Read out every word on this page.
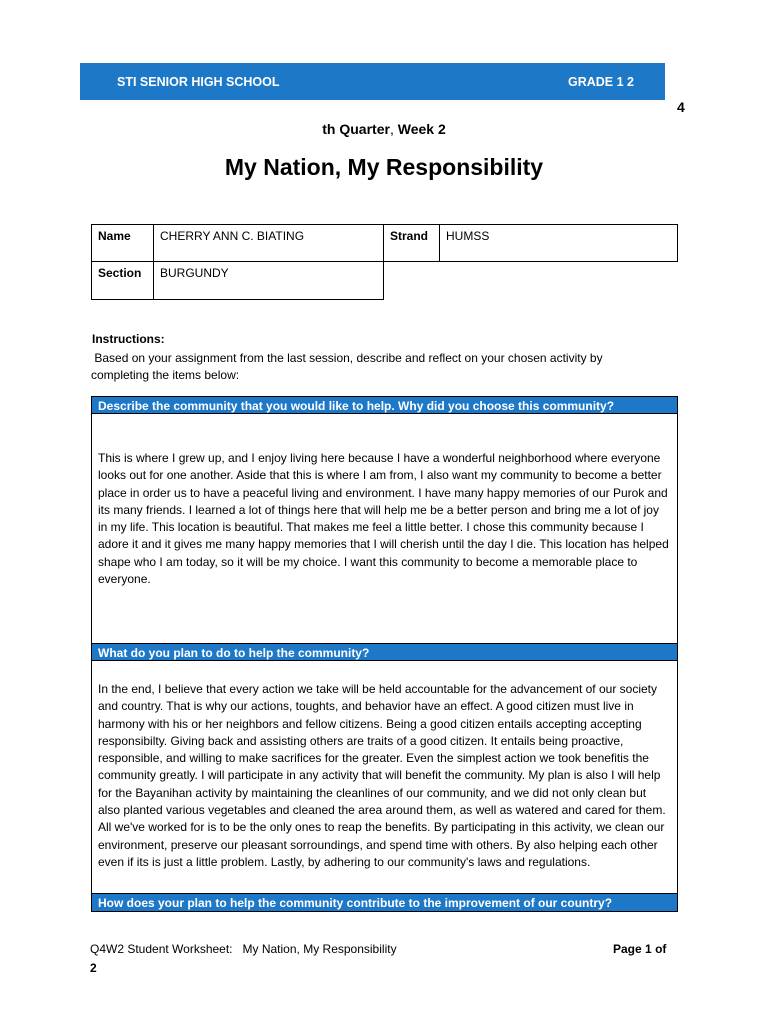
STI SENIOR HIGH SCHOOL	GRADE 1 2
4
th Quarter, Week 2
My Nation, My Responsibility
Name	CHERRY ANN C. BIATING	Strand	HUMSS
Section	BURGUNDY
Instructions:
Based on your assignment from the last session, describe and reflect on your chosen activity by completing the items below:
Describe the community that you would like to help. Why did you choose this community?
This is where I grew up, and I enjoy living here because I have a wonderful neighborhood where everyone looks out for one another. Aside that this is where I am from, I also want my community to become a better place in order us to have a peaceful living and environment. I have many happy memories of our Purok and its many friends. I learned a lot of things here that will help me be a better person and bring me a lot of joy in my life. This location is beautiful. That makes me feel a little better. I chose this community because I adore it and it gives me many happy memories that I will cherish until the day I die. This location has helped shape who I am today, so it will be my choice. I want this community to become a memorable place to everyone.
What do you plan to do to help the community?
In the end, I believe that every action we take will be held accountable for the advancement of our society and country. That is why our actions, toughts, and behavior have an effect. A good citizen must live in harmony with his or her neighbors and fellow citizens. Being a good citizen entails accepting accepting responsibilty. Giving back and assisting others are traits of a good citizen. It entails being proactive, responsible, and willing to make sacrifices for the greater. Even the simplest action we took benefitis the community greatly. I will participate in any activity that will benefit the community. My plan is also I will help for the Bayanihan activity by maintaining the cleanlines of our community, and we did not only clean but also planted various vegetables and cleaned the area around them, as well as watered and cared for them. All we've worked for is to be the only ones to reap the benefits. By participating in this activity, we clean our environment, preserve our pleasant sorroundings, and spend time with others. By also helping each other even if its is just a little problem. Lastly, by adhering to our community's laws and regulations.
How does your plan to help the community contribute to the improvement of our country?
Q4W2 Student Worksheet:   My Nation, My Responsibility	Page 1 of
2
